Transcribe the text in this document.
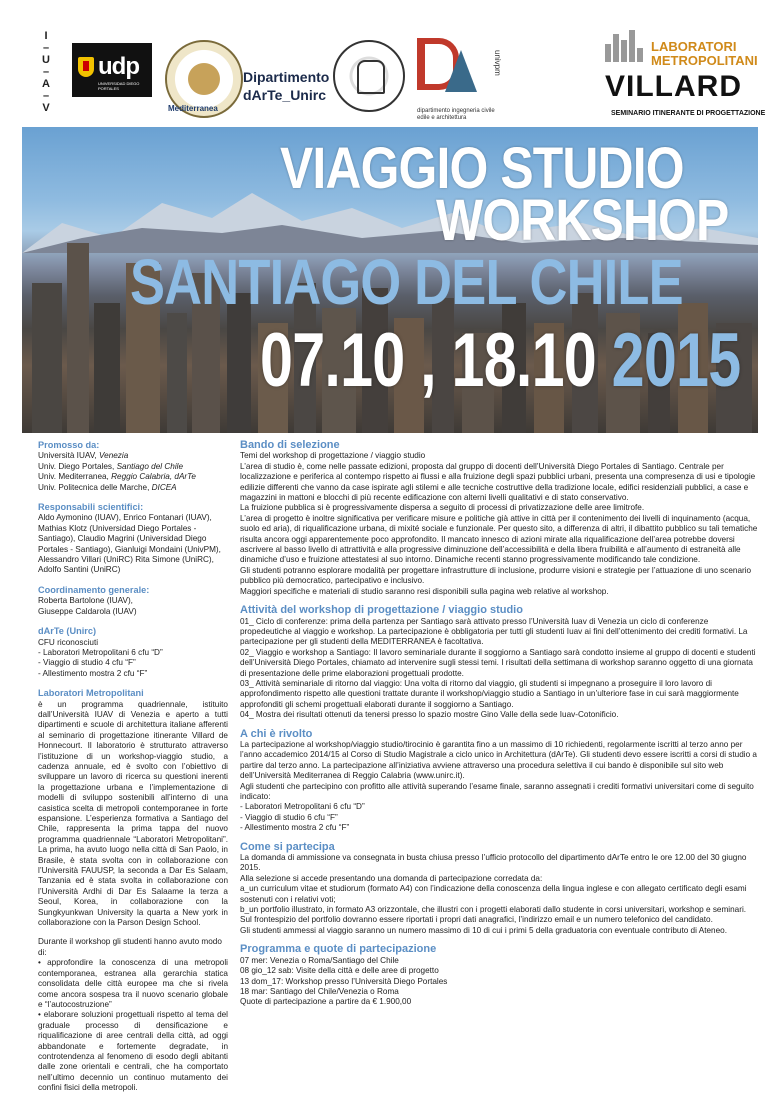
I
–
U
–
A
–
V
udp
UNIVERSIDAD DIEGO PORTALES
Mediterranea
Dipartimento
dArTe_Unirc
dipartimento ingegneria civile edile e architettura
univpm
LABORATORI
METROPOLITANI
VILLARD
SEMINARIO ITINERANTE DI PROGETTAZIONE
VIAGGIO STUDIO
WORKSHOP
SANTIAGO DEL CHILE
07.10 , 18.10 2015
Promosso da:
Università IUAV, Venezia
Univ. Diego Portales, Santiago del Chile
Univ. Mediterranea, Reggio Calabria, dArTe
Univ. Politecnica delle Marche, DICEA
Responsabili scientifici:

Aldo Aymonino (IUAV), Enrico Fontanari (IUAV), Mathias Klotz (Universidad Diego Portales - Santiago), Claudio Magrini (Universidad Diego Portales - Santiago), Gianluigi Mondaini (UnivPM), Alessandro Villari (UniRC) Rita Simone (UniRC), Adolfo Santini (UniRC)

Coordinamento generale:
Roberta Bartolone (IUAV),
Giuseppe Caldarola (IUAV)
dArTe (Unirc)
CFU riconosciuti
- Laboratori Metropolitani 6 cfu “D”
- Viaggio di studio 4 cfu “F”
- Allestimento mostra 2 cfu “F”
Laboratori Metropolitani

è un programma quadriennale, istituito dall’Università IUAV di Venezia e aperto a tutti dipartimenti e scuole di architettura italiane afferenti al seminario di progettazione itinerante Villard de Honnecourt. Il laboratorio è strutturato attraverso l’istituzione di un workshop-viaggio studio, a cadenza annuale, ed è svolto con l’obiettivo di sviluppare un lavoro di ricerca su questioni inerenti la progettazione urbana e l’implementazione di modelli di sviluppo sostenibili all’interno di una casistica scelta di metropoli contemporanee in forte espansione. L’esperienza formativa a Santiago del Chile, rappresenta la prima tappa del nuovo programma quadriennale “Laboratori Metropolitani”. La prima, ha avuto luogo nella città di San Paolo, in Brasile, è stata svolta con in collaborazione con l’Università FAUUSP, la seconda a Dar Es Salaam, Tanzania ed è stata svolta in collaborazione con l’Università Ardhi di Dar Es Salaame la terza a Seoul, Korea, in collaborazione con la Sungkyunkwan University la quarta a New york in collaborazione con la Parson Design School.

Durante il workshop gli studenti hanno avuto modo di:

• approfondire la conoscenza di una metropoli contemporanea, estranea alla gerarchia statica consolidata delle città europee ma che si rivela come ancora sospesa tra il nuovo scenario globale e “l’autocostruzione”

• elaborare soluzioni progettuali rispetto al tema del graduale processo di densificazione e riqualificazione di aree centrali della città, ad oggi abbandonate e fortemente degradate, in controtendenza al fenomeno di esodo degli abitanti dalle zone orientali e centrali, che ha comportato nell’ultimo decennio un continuo mutamento dei confini fisici della metropoli.

Bando di selezione

Temi del workshop di progettazione / viaggio studio

L’area di studio è, come nelle passate edizioni, proposta dal gruppo di docenti dell’Università Diego Portales di Santiago. Centrale per localizzazione e periferica al contempo rispetto ai flussi e alla fruizione degli spazi pubblici urbani, presenta una compresenza di usi e tipologie edilizie differenti che vanno da case ispirate agli stilemi e alle tecniche costruttive della tradizione locale, edifici residenziali pubblici, a case e magazzini in mattoni e blocchi di più recente edificazione con alterni livelli qualitativi e di stato conservativo.

La fruizione pubblica si è progressivamente dispersa a seguito di processi di privatizzazione delle aree limitrofe.

L’area di progetto è inoltre significativa per verificare misure e politiche già attive in città per il contenimento dei livelli di inquinamento (acqua, suolo ed aria), di riqualificazione urbana, di mixité sociale e funzionale. Per questo sito, a differenza di altri, il dibattito pubblico su tali tematiche risulta ancora oggi apparentemente poco approfondito. Il mancato innesco di azioni mirate alla riqualificazione dell’area potrebbe doversi ascrivere al basso livello di attrattività e alla progressive diminuzione dell’accessibilità e della libera fruibilità e all’aumento di estraneità alle dinamiche d’uso e fruizione attestatesi al suo intorno. Dinamiche recenti stanno progressivamente modificando tale condizione.

Gli studenti potranno esplorare modalità per progettare infrastrutture di inclusione, produrre visioni e strategie per l’attuazione di uno scenario pubblico più democratico, partecipativo e inclusivo.

Maggiori specifiche e materiali di studio saranno resi disponibili sulla pagina web relative al workshop.

Attività del workshop di progettazione / viaggio studio

01_ Ciclo di conferenze: prima della partenza per Santiago sarà attivato presso l’Università Iuav di Venezia un ciclo di conferenze propedeutiche al viaggio e workshop. La partecipazione è obbligatoria per tutti gli studenti Iuav ai fini dell’ottenimento dei crediti formativi. La partecipazione per gli studenti della MEDITERRANEA è facoltativa.

02_ Viaggio e workshop a Santiago: Il lavoro seminariale durante il soggiorno a Santiago sarà condotto insieme al gruppo di docenti e studenti dell’Università Diego Portales, chiamato ad intervenire sugli stessi temi. I risultati della settimana di workshop saranno oggetto di una giornata di presentazione delle prime elaborazioni progettuali prodotte.

03_ Attività seminariale di ritorno dal viaggio: Una volta di ritorno dal viaggio, gli studenti si impegnano a proseguire il loro lavoro di approfondimento rispetto alle questioni trattate durante il workshop/viaggio studio a Santiago in un’ulteriore fase in cui sarà maggiormente approfonditi gli schemi progettuali elaborati durante il soggiorno a Santiago.

04_ Mostra dei risultati ottenuti da tenersi presso lo spazio mostre Gino Valle della sede Iuav-Cotonificio.

A chi è rivolto

La partecipazione al workshop/viaggio studio/tirocinio è garantita fino a un massimo di 10 richiedenti, regolarmente iscritti al terzo anno per l’anno accademico 2014/15 al Corso di Studio Magistrale a ciclo unico in Architettura (dArTe). Gli studenti devo essere iscritti a corsi di studio a partire dal terzo anno. La partecipazione all’iniziativa avviene attraverso una procedura selettiva il cui bando è disponibile sul sito web dell’Università Mediterranea di Reggio Calabria (www.unirc.it).

Agli studenti che partecipino con profitto alle attività superando l’esame finale, saranno assegnati i crediti formativi universitari come di seguito indicato:

- Laboratori Metropolitani 6 cfu “D”

- Viaggio di studio 6 cfu “F”

- Allestimento mostra 2 cfu “F”

Come si partecipa

La domanda di ammissione va consegnata in busta chiusa presso l’ufficio protocollo del dipartimento dArTe entro le ore 12.00 del 30 giugno 2015.

Alla selezione si accede presentando una domanda di partecipazione corredata da:

a_un curriculum vitae et studiorum (formato A4) con l’indicazione della conoscenza della lingua inglese e con allegato certificato degli esami sostenuti con i relativi voti;

b_un portfolio illustrato, in formato A3 orizzontale, che illustri con i progetti elaborati dallo studente in corsi universitari, workshop e seminari.

Sul frontespizio del portfolio dovranno essere riportati i propri dati anagrafici, l’indirizzo email e un numero telefonico del candidato.

Gli studenti ammessi al viaggio saranno un numero massimo di 10 di cui i primi 5 della graduatoria con eventuale contributo di Ateneo.

Programma e quote di partecipazione

07 mer: Venezia o Roma/Santiago del Chile

08 gio_12 sab: Visite della città e delle aree di progetto

13 dom_17: Workshop presso l’Università Diego Portales

18 mar: Santiago del Chile/Venezia o Roma

Quote di partecipazione a partire da € 1.900,00
